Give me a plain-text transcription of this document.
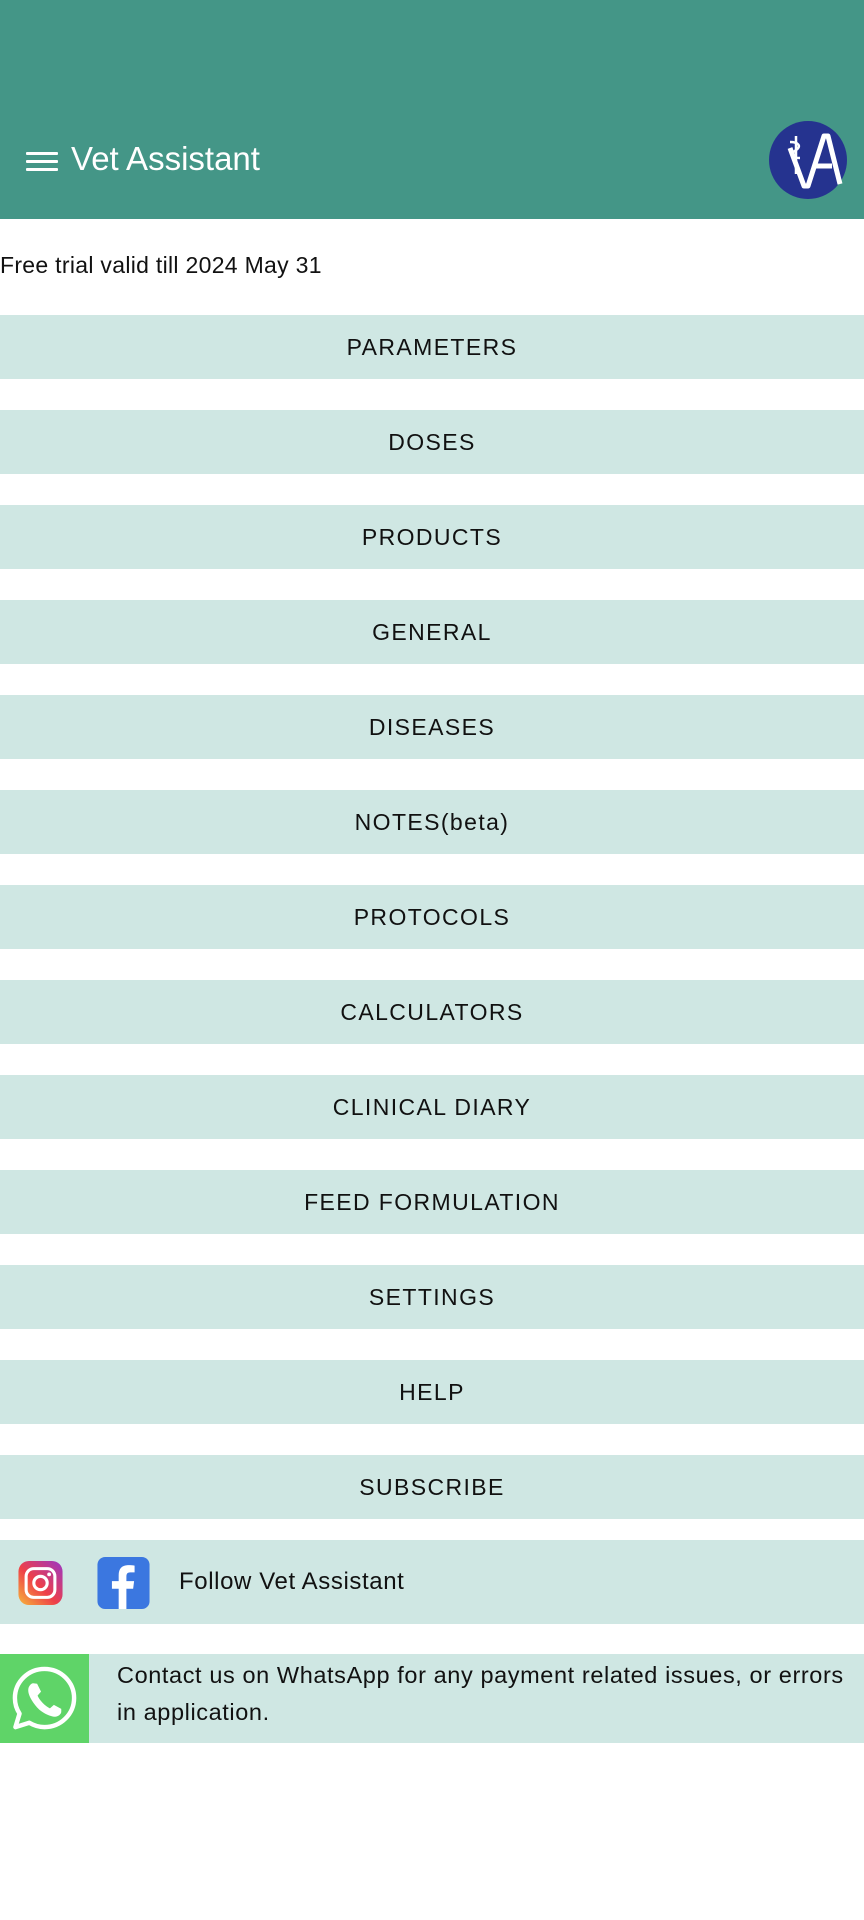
Vet Assistant
Free trial valid till 2024 May 31
PARAMETERS
DOSES
PRODUCTS
GENERAL
DISEASES
NOTES(beta)
PROTOCOLS
CALCULATORS
CLINICAL DIARY
FEED FORMULATION
SETTINGS
HELP
SUBSCRIBE
Follow Vet Assistant
Contact us on WhatsApp for any payment related issues, or errors in application.
